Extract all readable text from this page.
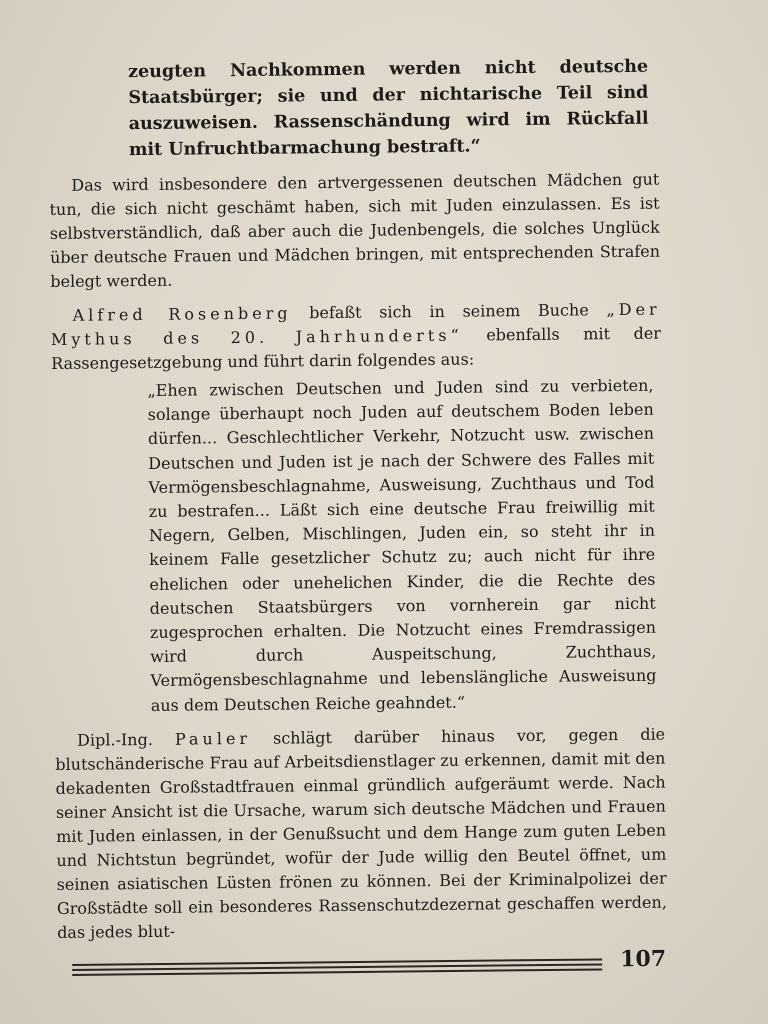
zeugten Nachkommen werden nicht deutsche Staatsbürger; sie und der nichtarische Teil sind auszuweisen. Rassenschändung wird im Rückfall mit Unfruchtbarmachung bestraft.“

Das wird insbesondere den artvergessenen deutschen Mädchen gut tun, die sich nicht geschämt haben, sich mit Juden einzulassen. Es ist selbstverständlich, daß aber auch die Judenbengels, die solches Unglück über deutsche Frauen und Mädchen bringen, mit entsprechenden Strafen belegt werden.

Alfred Rosenberg befaßt sich in seinem Buche „Der Mythus des 20. Jahrhunderts“ ebenfalls mit der Rassengesetzgebung und führt darin folgendes aus:

„Ehen zwischen Deutschen und Juden sind zu verbieten, solange überhaupt noch Juden auf deutschem Boden leben dürfen... Geschlechtlicher Verkehr, Notzucht usw. zwischen Deutschen und Juden ist je nach der Schwere des Falles mit Vermögensbeschlagnahme, Ausweisung, Zuchthaus und Tod zu bestrafen... Läßt sich eine deutsche Frau freiwillig mit Negern, Gelben, Mischlingen, Juden ein, so steht ihr in keinem Falle gesetzlicher Schutz zu; auch nicht für ihre ehelichen oder unehelichen Kinder, die die Rechte des deutschen Staatsbürgers von vornherein gar nicht zugesprochen erhalten. Die Notzucht eines Fremdrassigen wird durch Auspeitschung, Zuchthaus, Vermögensbeschlagnahme und lebenslängliche Ausweisung aus dem Deutschen Reiche geahndet.“

Dipl.-Ing. Pauler schlägt darüber hinaus vor, gegen die blutschänderische Frau auf Arbeitsdienstlager zu erkennen, damit mit den dekadenten Großstadtfrauen einmal gründlich aufgeräumt werde. Nach seiner Ansicht ist die Ursache, warum sich deutsche Mädchen und Frauen mit Juden einlassen, in der Genußsucht und dem Hange zum guten Leben und Nichtstun begründet, wofür der Jude willig den Beutel öffnet, um seinen asiatischen Lüsten frönen zu können. Bei der Kriminalpolizei der Großstädte soll ein besonderes Rassenschutzdezernat geschaffen werden, das jedes blut-

107
